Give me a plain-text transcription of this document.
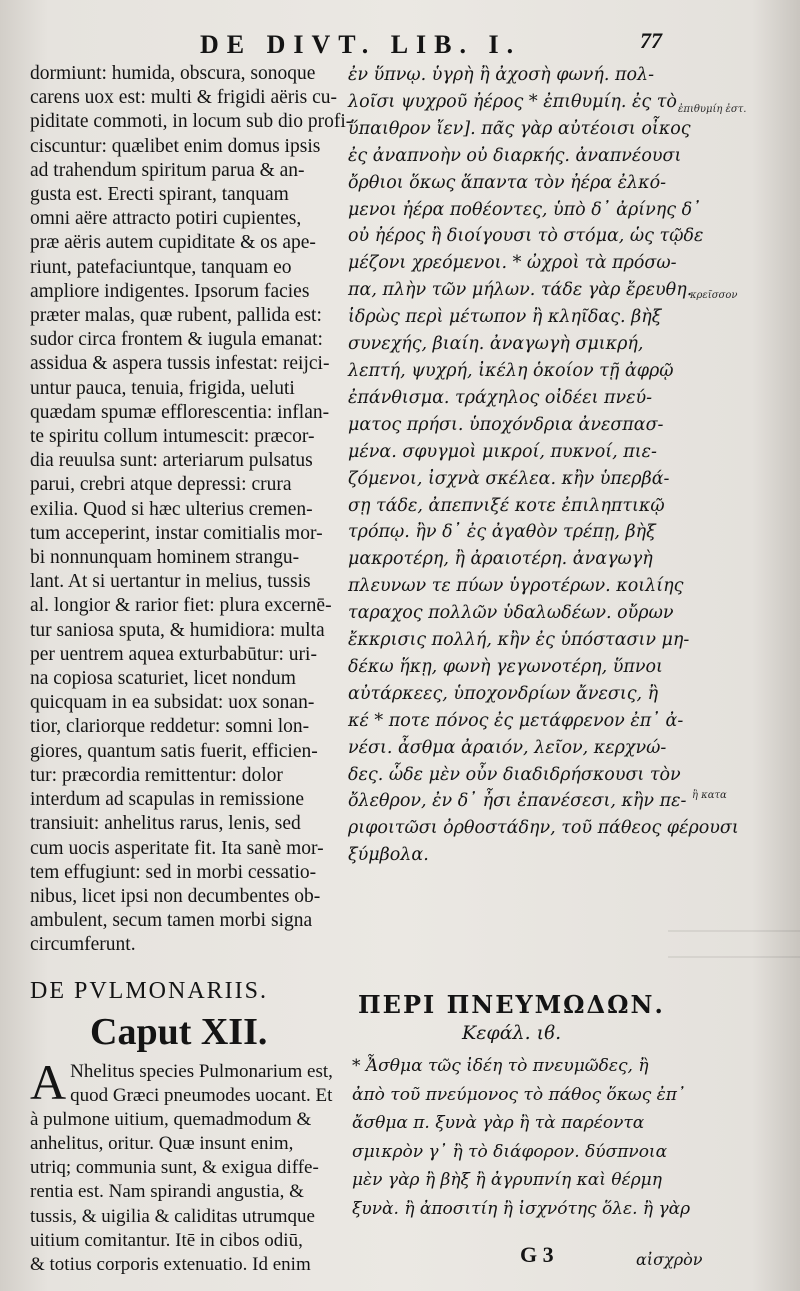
DE DIVT. LIB. I.	77
dormiunt: humida, obscura, sonoque
carens uox est: multi & frigidi aëris cu-
piditate commoti, in locum sub dio profi-
ciscuntur: quælibet enim domus ipsis
ad trahendum spiritum parua & an-
gusta est. Erecti spirant, tanquam
omni aëre attracto potiri cupientes,
præ aëris autem cupiditate & os ape-
riunt, patefaciuntque, tanquam eo
ampliore indigentes. Ipsorum facies
præter malas, quæ rubent, pallida est:
sudor circa frontem & iugula emanat:
assidua & aspera tussis infestat: reijci-
untur pauca, tenuia, frigida, ueluti
quædam spumæ efflorescentia: inflan-
te spiritu collum intumescit: præcor-
dia reuulsa sunt: arteriarum pulsatus
parui, crebri atque depressi: crura
exilia. Quod si hæc ulterius cremen-
tum acceperint, instar comitialis mor-
bi nonnunquam hominem strangu-
lant. At si uertantur in melius, tussis
al. longior & rarior fiet: plura excernē-
tur saniosa sputa, & humidiora: multa
per uentrem aquea exturbabūtur: uri-
na copiosa scaturiet, licet nondum
quicquam in ea subsidat: uox sonan-
tior, clariorque reddetur: somni lon-
giores, quantum satis fuerit, efficien-
tur: præcordia remittentur: dolor
interdum ad scapulas in remissione
transiuit: anhelitus rarus, lenis, sed
cum uocis asperitate fit. Ita sanè mor-
tem effugiunt: sed in morbi cessatio-
nibus, licet ipsi non decumbentes ob-
ambulent, secum tamen morbi signa
circumferunt.
ἐν ὕπνῳ. ὑγρὴ ἢ ἀχοσὴ φωνή. πολ-
λοῖσι ψυχροῦ ἠέρος * ἐπιθυμίη. ἐς τὸ
ὕπαιθρον ἴεν]. πᾶς γὰρ αὐτέοισι οἶκος
ἐς ἀναπνοὴν οὐ διαρκής. ἀναπνέουσι
ὄρθιοι ὅκως ἅπαντα τὸν ἠέρα ἐλκό-
μενοι ἠέρα ποθέοντες, ὑπὸ δ᾽ ἀρίνης δ᾽
οὐ ἠέρος ἢ διοίγουσι τὸ στόμα, ὡς τῷδε
μέζονι χρεόμενοι. * ὠχροὶ τὰ πρόσω-
πα, πλὴν τῶν μήλων. τάδε γὰρ ἔρευθη.
ἱδρὼς περὶ μέτωπον ἢ κληῖδας. βὴξ
συνεχής, βιαίη. ἀναγωγὴ σμικρή,
λεπτή, ψυχρή, ἰκέλη ὁκοίον τῇ ἀφρῷ
ἐπάνθισμα. τράχηλος οἰδέει πνεύ-
ματος πρήσι. ὑποχόνδρια ἀνεσπασ-
μένα. σφυγμοὶ μικροί, πυκνοί, πιε-
ζόμενοι, ἰσχνὰ σκέλεα. κἢν ὑπερβά-
σῃ τάδε, ἀπεπνιξέ κοτε ἐπιληπτικῷ
τρόπῳ. ἢν δ᾽ ἐς ἀγαθὸν τρέπῃ, βὴξ
μακροτέρη, ἢ ἀραιοτέρη. ἀναγωγὴ
πλευνων τε πύων ὑγροτέρων. κοιλίης
ταραχος πολλῶν ὑδαλωδέων. οὔρων
ἔκκρισις πολλή, κἢν ἐς ὑπόστασιν μη-
δέκω ἥκῃ, φωνὴ γεγωνοτέρη, ὕπνοι
αὐτάρκεες, ὑποχονδρίων ἄνεσις, ἢ
κέ * ποτε πόνος ἐς μετάφρενον ἐπ᾽ ἀ-
νέσι. ἆσθμα ἀραιόν, λεῖον, κερχνώ-
δες. ὧδε μὲν οὖν διαδιδρήσκουσι τὸν
ὄλεθρον, ἐν δ᾽ ἦσι ἐπανέσεσι, κἢν πε-
ριφοιτῶσι ὀρθοστάδην, τοῦ πάθεος φέρουσι
ξύμβολα.
ἐπιθυμίη ἐστ.
κρεῖσσον
ἢ κατα
DE PVLMONARIIS.
Caput XII.
A Nhelitus species Pulmonarium est,
quod Græci pneumodes uocant. Et
à pulmone uitium, quemadmodum &
anhelitus, oritur. Quæ insunt enim,
utriq; communia sunt, & exigua diffe-
rentia est. Nam spirandi angustia, &
tussis, & uigilia & caliditas utrumque
uitium comitantur. Itē in cibos odiū,
& totius corporis extenuatio. Id enim
ΠΕΡΙ ΠΝΕΥΜΩΔΩΝ.
Κεφάλ. ιϐ.
* Ἆσθμα τῶς ἰδέη τὸ πνευμῶδες, ἢ
ἀπὸ τοῦ πνεύμονος τὸ πάθος ὅκως ἐπ᾽
ἄσθμα π. ξυνὰ γὰρ ἢ τὰ παρέοντα
σμικρὸν γ᾽ ἢ τὸ διάφορον. δύσπνοια
μὲν γὰρ ἢ βὴξ ἢ ἀγρυπνίη καὶ θέρμη
ξυνὰ. ἢ ἀποσιτίη ἢ ἰσχνότης ὅλε. ἢ γὰρ
G 3	αἰσχρὸν
